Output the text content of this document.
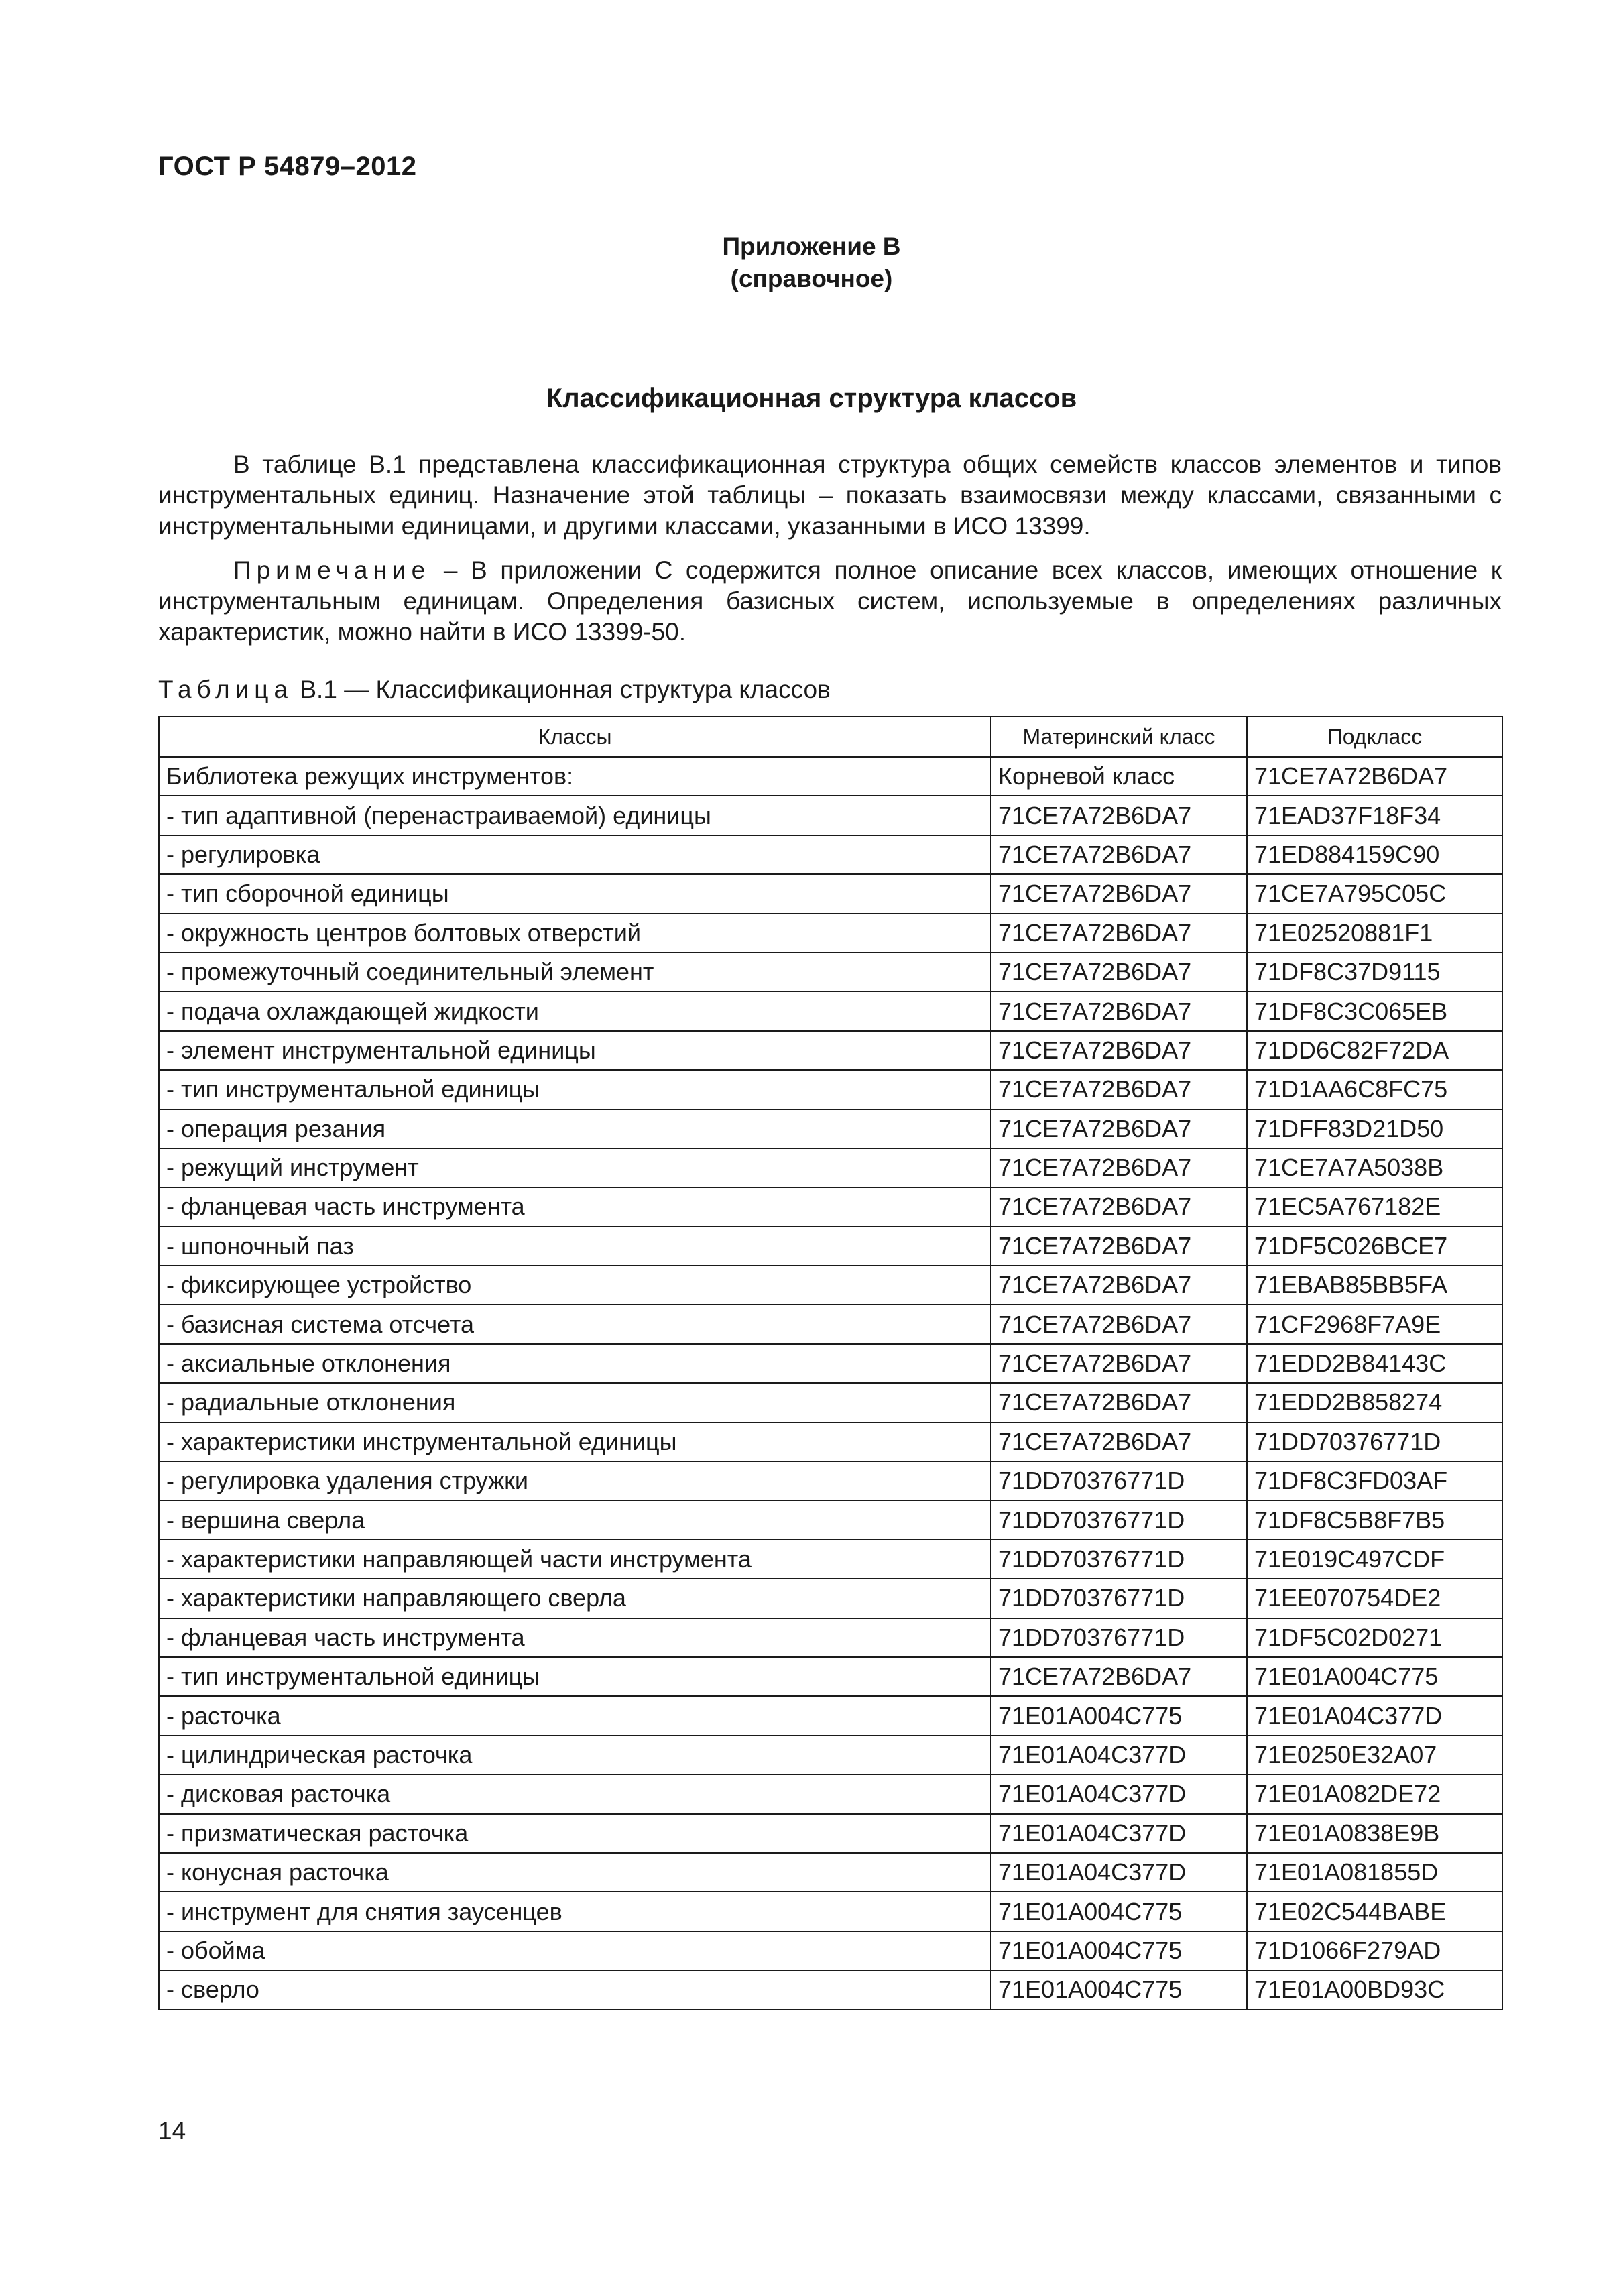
ГОСТ Р 54879–2012
Приложение В
(справочное)
Классификационная структура классов

В таблице В.1 представлена классификационная структура общих семейств классов элементов и типов инструментальных единиц. Назначение этой таблицы – показать взаимосвязи между классами, связанными с инструментальными единицами, и другими классами, указанными в ИСО 13399.

Примечание – В приложении С содержится полное описание всех классов, имеющих отношение к инструментальным единицам. Определения базисных систем, используемые в определениях различных характеристик, можно найти в ИСО 13399-50.

Таблица В.1 — Классификационная структура классов
Классы	Материнский класс	Подкласс
Библиотека режущих инструментов:	Корневой класс	71CE7A72B6DA7
- тип адаптивной (перенастраиваемой) единицы	71CE7A72B6DA7	71EAD37F18F34
- регулировка	71CE7A72B6DA7	71ED884159C90
- тип сборочной единицы	71CE7A72B6DA7	71CE7A795C05C
- окружность центров болтовых отверстий	71CE7A72B6DA7	71E02520881F1
- промежуточный соединительный элемент	71CE7A72B6DA7	71DF8C37D9115
- подача охлаждающей жидкости	71CE7A72B6DA7	71DF8C3C065EB
- элемент инструментальной единицы	71CE7A72B6DA7	71DD6C82F72DA
- тип инструментальной единицы	71CE7A72B6DA7	71D1AA6C8FC75
- операция резания	71CE7A72B6DA7	71DFF83D21D50
- режущий инструмент	71CE7A72B6DA7	71CE7A7A5038B
- фланцевая часть инструмента	71CE7A72B6DA7	71EC5A767182E
- шпоночный паз	71CE7A72B6DA7	71DF5C026BCE7
- фиксирующее устройство	71CE7A72B6DA7	71EBAB85BB5FA
- базисная система отсчета	71CE7A72B6DA7	71CF2968F7A9E
- аксиальные отклонения	71CE7A72B6DA7	71EDD2B84143C
- радиальные отклонения	71CE7A72B6DA7	71EDD2B858274
- характеристики инструментальной единицы	71CE7A72B6DA7	71DD70376771D
- регулировка удаления стружки	71DD70376771D	71DF8C3FD03AF
- вершина сверла	71DD70376771D	71DF8C5B8F7B5
- характеристики направляющей части инструмента	71DD70376771D	71E019C497CDF
- характеристики направляющего сверла	71DD70376771D	71EE070754DE2
- фланцевая часть инструмента	71DD70376771D	71DF5C02D0271
- тип инструментальной единицы	71CE7A72B6DA7	71E01A004C775
- расточка	71E01A004C775	71E01A04C377D
- цилиндрическая расточка	71E01A04C377D	71E0250E32A07
- дисковая расточка	71E01A04C377D	71E01A082DE72
- призматическая расточка	71E01A04C377D	71E01A0838E9B
- конусная расточка	71E01A04C377D	71E01A081855D
- инструмент для снятия заусенцев	71E01A004C775	71E02C544BABE
- обойма	71E01A004C775	71D1066F279AD
- сверло	71E01A004C775	71E01A00BD93C
14
